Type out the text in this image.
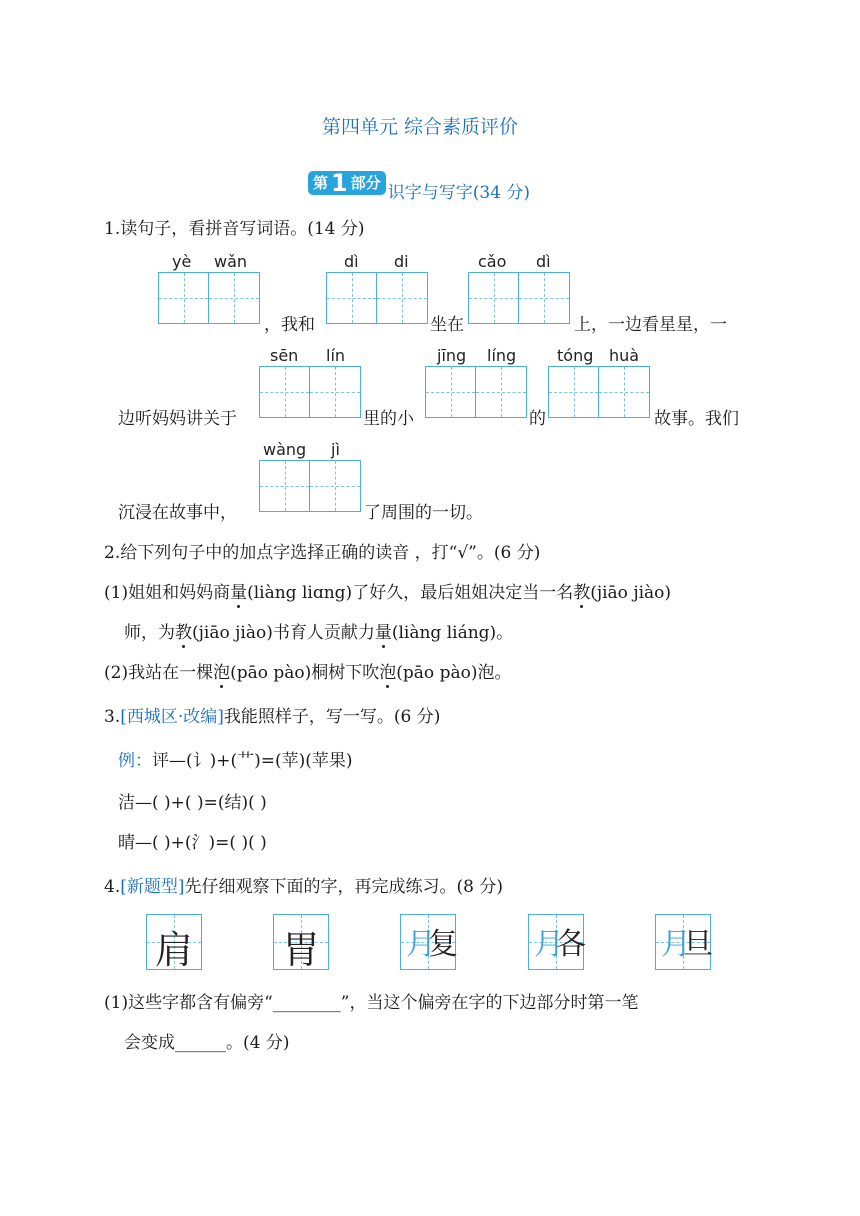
第四单元 综合素质评价
第 1 部分
识字与写字(34 分)
1.读句子，看拼音写词语。(14 分)
yè wǎn	dì di	cǎo dì
，我和	坐在	上，一边看星星，一
sēn lín	jīng líng	tóng huà
边听妈妈讲关于	里的小	的	故事。我们
wàng jì
沉浸在故事中，	了周围的一切。
2.给下列句子中的加点字选择正确的读音 ，打“√”。(6 分)
(1)姐姐和妈妈商量(liàng liɑng)了好久，最后姐姐决定当一名教(jiāo jiào)
师，为教(jiāo jiào)书育人贡献力量(liàng liáng)。
(2)我站在一棵泡(pāo pào)桐树下吹泡(pāo pào)泡。
3.[西城区·改编]我能照样子，写一写。(6 分)
例：评—(讠)+(艹)=(苹)(苹果)
洁—( )+( )=(结)( )
晴—( )+(氵)=( )( )
4.[新题型]先仔细观察下面的字，再完成练习。(8 分)
肩 胃	月复	月各	月旦
(1)这些字都含有偏旁“________”，当这个偏旁在字的下边部分时第一笔
会变成______。(4 分)
